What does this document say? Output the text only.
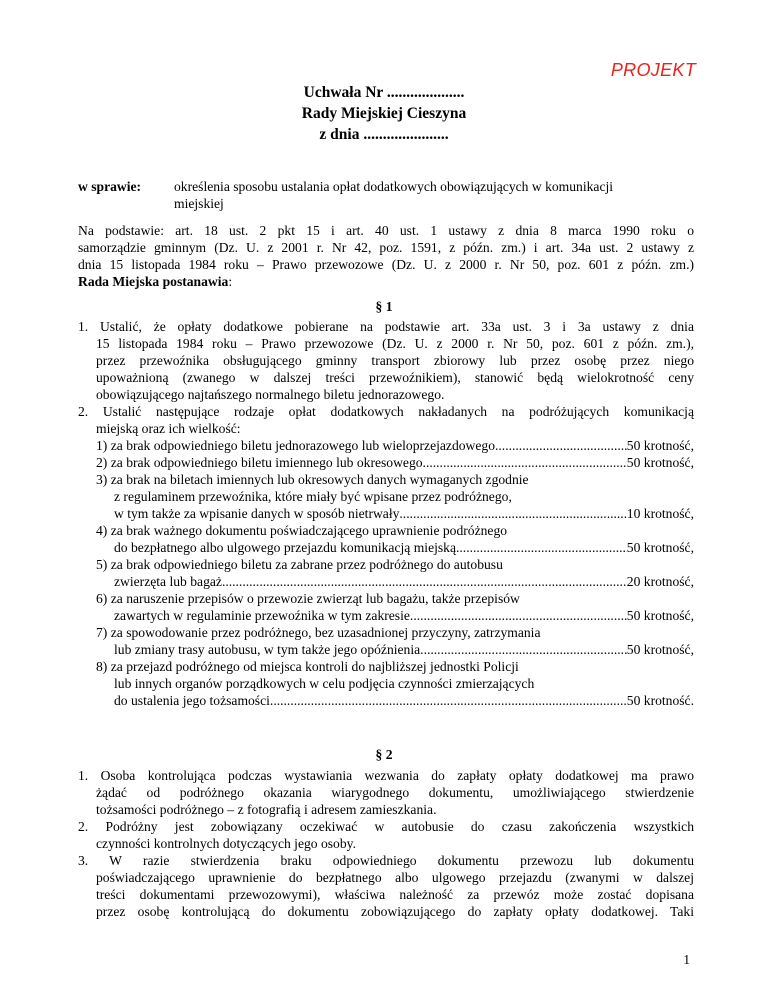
PROJEKT
Uchwała Nr ....................
Rady Miejskiej Cieszyna
z dnia ......................
w sprawie: określenia sposobu ustalania opłat dodatkowych obowiązujących w komunikacji
miejskiej
Na podstawie: art. 18 ust. 2 pkt 15 i art. 40 ust. 1 ustawy z dnia 8 marca 1990 roku o
samorządzie gminnym (Dz. U. z 2001 r. Nr 42, poz. 1591, z późn. zm.) i art. 34a ust. 2 ustawy z
dnia 15 listopada 1984 roku – Prawo przewozowe (Dz. U. z 2000 r. Nr 50, poz. 601 z późn. zm.)
Rada Miejska postanawia:
§ 1
1. Ustalić, że opłaty dodatkowe pobierane na podstawie art. 33a ust. 3 i 3a ustawy z dnia
15 listopada 1984 roku – Prawo przewozowe (Dz. U. z 2000 r. Nr 50, poz. 601 z późn. zm.),
przez przewoźnika obsługującego gminny transport zbiorowy lub przez osobę przez niego
upoważnioną (zwanego w dalszej treści przewoźnikiem), stanowić będą wielokrotność ceny
obowiązującego najtańszego normalnego biletu jednorazowego.
2. Ustalić następujące rodzaje opłat dodatkowych nakładanych na podróżujących komunikacją
miejską oraz ich wielkość:
1) za brak odpowiedniego biletu jednorazowego lub wieloprzejazdowego .....	50 krotność,
2) za brak odpowiedniego biletu imiennego lub okresowego .....	50 krotność,
3) za brak na biletach imiennych lub okresowych danych wymaganych zgodnie
z regulaminem przewoźnika, które miały być wpisane przez podróżnego,
w tym także za wpisanie danych w sposób nietrwały .....	10 krotność,
4) za brak ważnego dokumentu poświadczającego uprawnienie podróżnego
do bezpłatnego albo ulgowego przejazdu komunikacją miejską .....	50 krotność,
5) za brak odpowiedniego biletu za zabrane przez podróżnego do autobusu
zwierzęta lub bagaż .....	20 krotność,
6) za naruszenie przepisów o przewozie zwierząt lub bagażu, także przepisów
zawartych w regulaminie przewoźnika w tym zakresie .....	50 krotność,
7) za spowodowanie przez podróżnego, bez uzasadnionej przyczyny, zatrzymania
lub zmiany trasy autobusu, w tym także jego opóźnienia .....	50 krotność,
8) za przejazd podróżnego od miejsca kontroli do najbliższej jednostki Policji
lub innych organów porządkowych w celu podjęcia czynności zmierzających
do ustalenia jego tożsamości .....	50 krotność.
§ 2
1. Osoba kontrolująca podczas wystawiania wezwania do zapłaty opłaty dodatkowej ma prawo
żądać od podróżnego okazania wiarygodnego dokumentu, umożliwiającego stwierdzenie
tożsamości podróżnego – z fotografią i adresem zamieszkania.
2. Podróżny jest zobowiązany oczekiwać w autobusie do czasu zakończenia wszystkich
czynności kontrolnych dotyczących jego osoby.
3. W razie stwierdzenia braku odpowiedniego dokumentu przewozu lub dokumentu
poświadczającego uprawnienie do bezpłatnego albo ulgowego przejazdu (zwanymi w dalszej
treści dokumentami przewozowymi), właściwa należność za przewóz może zostać dopisana
przez osobę kontrolującą do dokumentu zobowiązującego do zapłaty opłaty dodatkowej. Taki
1
